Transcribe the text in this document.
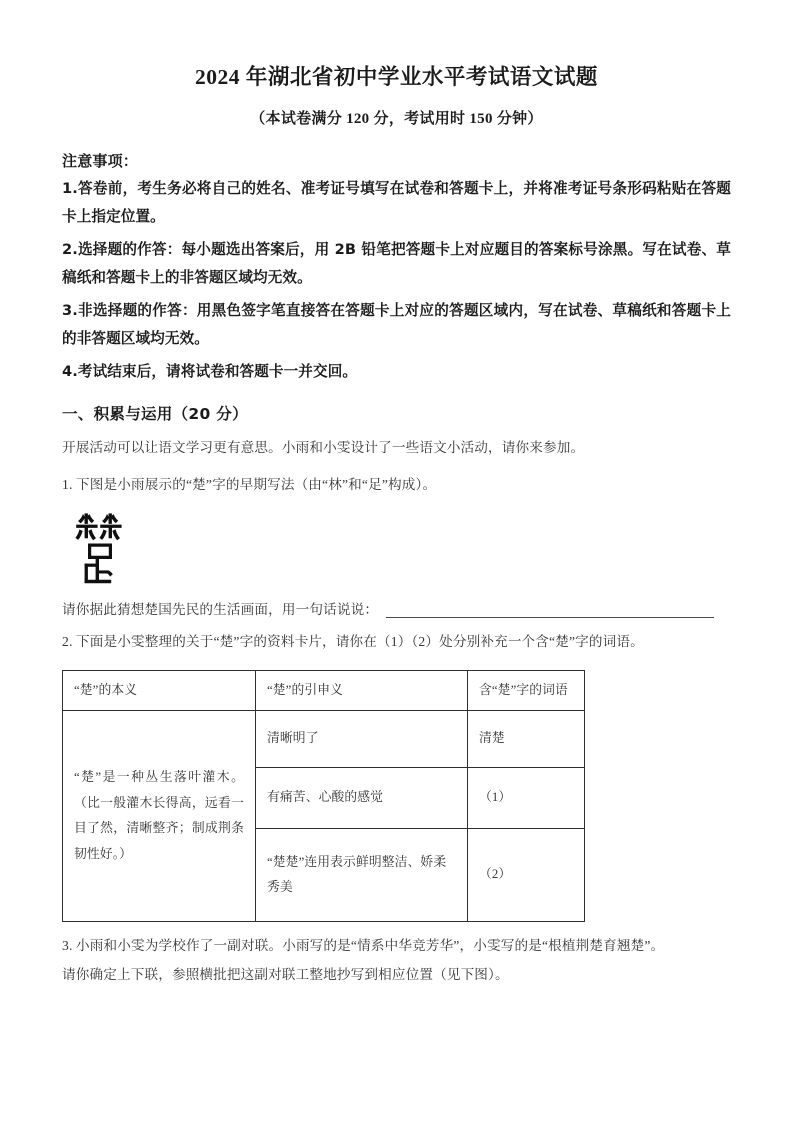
2024 年湖北省初中学业水平考试语文试题

（本试卷满分 120 分，考试用时 150 分钟）

注意事项：

1.答卷前，考生务必将自己的姓名、准考证号填写在试卷和答题卡上，并将准考证号条形码粘贴在答题卡上指定位置。

2.选择题的作答：每小题选出答案后，用 2B 铅笔把答题卡上对应题目的答案标号涂黑。写在试卷、草稿纸和答题卡上的非答题区域均无效。

3.非选择题的作答：用黑色签字笔直接答在答题卡上对应的答题区域内，写在试卷、草稿纸和答题卡上的非答题区域均无效。

4.考试结束后，请将试卷和答题卡一并交回。

一、积累与运用（20 分）

开展活动可以让语文学习更有意思。小雨和小雯设计了一些语文小活动，请你来参加。

1. 下图是小雨展示的“楚”字的早期写法（由“林”和“足”构成）。

请你据此猜想楚国先民的生活画面，用一句话说说：

2. 下面是小雯整理的关于“楚”字的资料卡片，请你在（1）（2）处分别补充一个含“楚”字的词语。

“楚”的本义	“楚”的引申义	含“楚”字的词语
“楚”是一种丛生落叶灌木。（比一般灌木长得高，远看一目了然，清晰整齐；制成荆条韧性好。）	清晰明了	清楚
	有痛苦、心酸的感觉	（1）
	“楚楚”连用表示鲜明整洁、娇柔秀美	（2）

3. 小雨和小雯为学校作了一副对联。小雨写的是“情系中华竞芳华”，小雯写的是“根植荆楚育翘楚”。

请你确定上下联，参照横批把这副对联工整地抄写到相应位置（见下图）。
